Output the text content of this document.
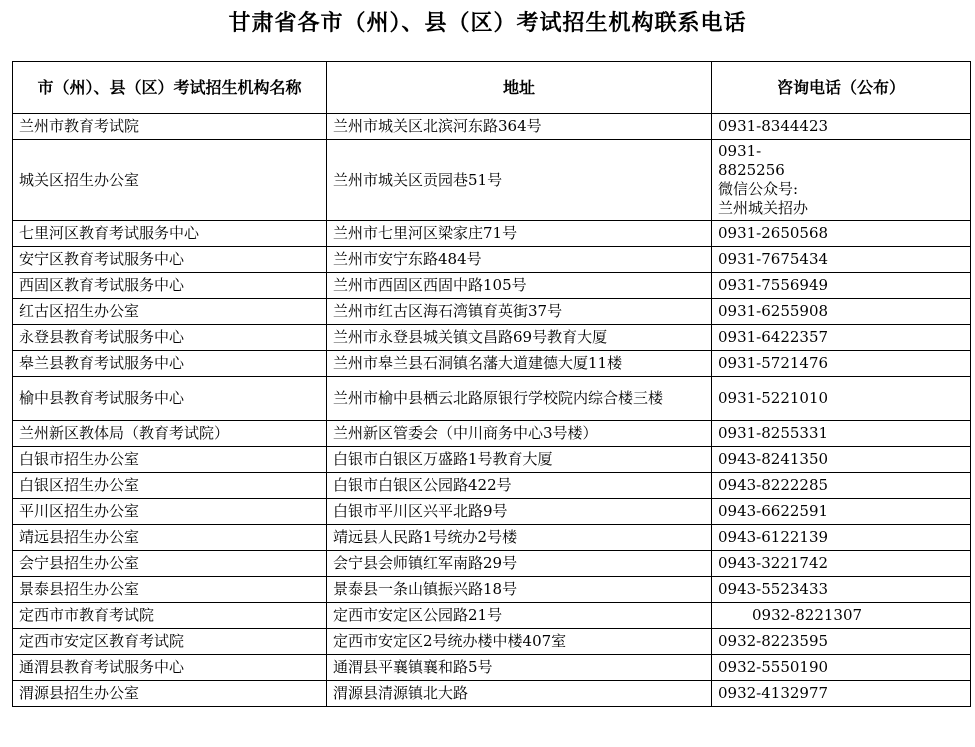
甘肃省各市（州）、县（区）考试招生机构联系电话
市（州）、县（区）考试招生机构名称	地址	咨询电话（公布）
兰州市教育考试院	兰州市城关区北滨河东路364号	0931-8344423
城关区招生办公室	兰州市城关区贡园巷51号	0931-
8825256
微信公众号:
兰州城关招办

七里河区教育考试服务中心	兰州市七里河区梁家庄71号	0931-2650568
安宁区教育考试服务中心	兰州市安宁东路484号	0931-7675434
西固区教育考试服务中心	兰州市西固区西固中路105号	0931-7556949
红古区招生办公室	兰州市红古区海石湾镇育英街37号	0931-6255908
永登县教育考试服务中心	兰州市永登县城关镇文昌路69号教育大厦	0931-6422357
皋兰县教育考试服务中心	兰州市皋兰县石洞镇名藩大道建德大厦11楼	0931-5721476
榆中县教育考试服务中心	兰州市榆中县栖云北路原银行学校院内综合楼三楼	0931-5221010
兰州新区教体局（教育考试院）	兰州新区管委会（中川商务中心3号楼）	0931-8255331
白银市招生办公室	白银市白银区万盛路1号教育大厦	0943-8241350
白银区招生办公室	白银市白银区公园路422号	0943-8222285
平川区招生办公室	白银市平川区兴平北路9号	0943-6622591
靖远县招生办公室	靖远县人民路1号统办2号楼	0943-6122139
会宁县招生办公室	会宁县会师镇红军南路29号	0943-3221742
景泰县招生办公室	景泰县一条山镇振兴路18号	0943-5523433
定西市市教育考试院	定西市安定区公园路21号	0932-8221307
定西市安定区教育考试院	定西市安定区2号统办楼中楼407室	0932-8223595
通渭县教育考试服务中心	通渭县平襄镇襄和路5号	0932-5550190
渭源县招生办公室	渭源县清源镇北大路	0932-4132977
